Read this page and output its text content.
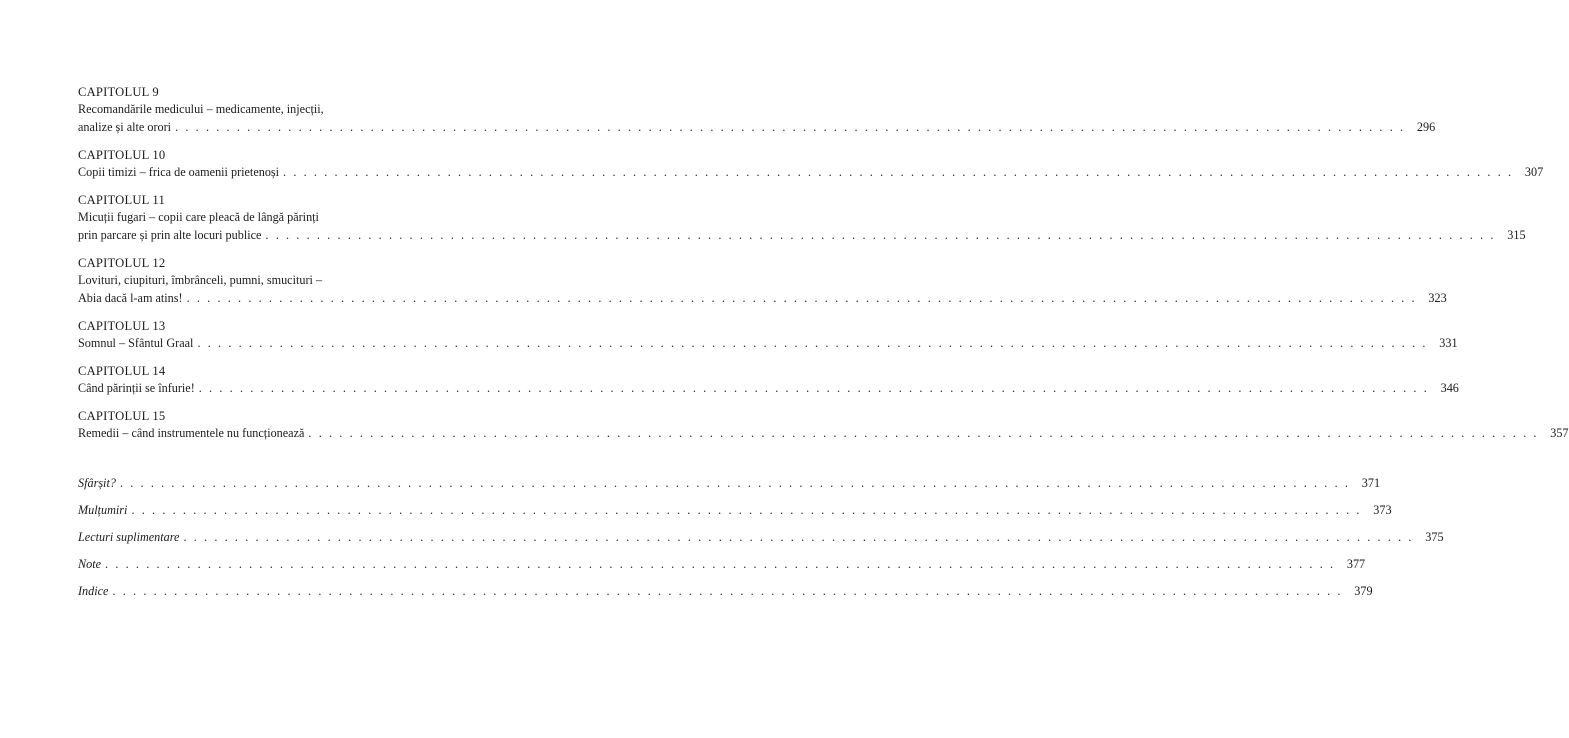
CAPITOLUL 9
Recomandările medicului – medicamente, injecții,
analize și alte orori . . . . . . . . . . . . . . . . . . . . . . . . . . . . . . . . . . . . . . . . . . . . . . . . . . . . . . . . . . . . . . . . . . . . . . . . . . . . . . . . . . . . . . . . . . . . . . . . . . . . . . . . . . . . . . . . . . . . . . . . 296
CAPITOLUL 10
Copii timizi – frica de oamenii prietenoși . . . . . . . . . . . . . . . . . . . . . . . . . . . . . . . . . . . . . . . . . . . . . . . . . . . . . . . . . . . . . . . . . . . . . . . . . . . . . . . . . . . . . . . . . . . . . . . . . . . . . . . . . . . . . . . . . . . . . . . . 307
CAPITOLUL 11
Micuții fugari – copii care pleacă de lângă părinți
prin parcare și prin alte locuri publice . . . . . . . . . . . . . . . . . . . . . . . . . . . . . . . . . . . . . . . . . . . . . . . . . . . . . . . . . . . . . . . . . . . . . . . . . . . . . . . . . . . . . . . . . . . . . . . . . . . . . . . . . . . . . . . . . . . . . . . . 315
CAPITOLUL 12
Lovituri, ciupituri, îmbrânceli, pumni, smucituri –
Abia dacă l-am atins! . . . . . . . . . . . . . . . . . . . . . . . . . . . . . . . . . . . . . . . . . . . . . . . . . . . . . . . . . . . . . . . . . . . . . . . . . . . . . . . . . . . . . . . . . . . . . . . . . . . . . . . . . . . . . . . . . . . . . . . . 323
CAPITOLUL 13
Somnul – Sfântul Graal . . . . . . . . . . . . . . . . . . . . . . . . . . . . . . . . . . . . . . . . . . . . . . . . . . . . . . . . . . . . . . . . . . . . . . . . . . . . . . . . . . . . . . . . . . . . . . . . . . . . . . . . . . . . . . . . . . . . . . . . 331
CAPITOLUL 14
Când părinții se înfurie! . . . . . . . . . . . . . . . . . . . . . . . . . . . . . . . . . . . . . . . . . . . . . . . . . . . . . . . . . . . . . . . . . . . . . . . . . . . . . . . . . . . . . . . . . . . . . . . . . . . . . . . . . . . . . . . . . . . . . . . . 346
CAPITOLUL 15
Remedii – când instrumentele nu funcționează . . . . . . . . . . . . . . . . . . . . . . . . . . . . . . . . . . . . . . . . . . . . . . . . . . . . . . . . . . . . . . . . . . . . . . . . . . . . . . . . . . . . . . . . . . . . . . . . . . . . . . . . . . . . . . . . . . . . . . . . 357
Sfârșit? . . . . . . . . . . . . . . . . . . . . . . . . . . . . . . . . . . . . . . . . . . . . . . . . . . . . . . . . . . . . . . . . . . . . . . . . . . . . . . . . . . . . . . . . . . . . . . . . . . . . . . . . . . . . . . . . . . . . . . . . 371
Mulțumiri . . . . . . . . . . . . . . . . . . . . . . . . . . . . . . . . . . . . . . . . . . . . . . . . . . . . . . . . . . . . . . . . . . . . . . . . . . . . . . . . . . . . . . . . . . . . . . . . . . . . . . . . . . . . . . . . . . . . . . . . 373
Lecturi suplimentare . . . . . . . . . . . . . . . . . . . . . . . . . . . . . . . . . . . . . . . . . . . . . . . . . . . . . . . . . . . . . . . . . . . . . . . . . . . . . . . . . . . . . . . . . . . . . . . . . . . . . . . . . . . . . . . . . . . . . . . . 375
Note . . . . . . . . . . . . . . . . . . . . . . . . . . . . . . . . . . . . . . . . . . . . . . . . . . . . . . . . . . . . . . . . . . . . . . . . . . . . . . . . . . . . . . . . . . . . . . . . . . . . . . . . . . . . . . . . . . . . . . . . 377
Indice . . . . . . . . . . . . . . . . . . . . . . . . . . . . . . . . . . . . . . . . . . . . . . . . . . . . . . . . . . . . . . . . . . . . . . . . . . . . . . . . . . . . . . . . . . . . . . . . . . . . . . . . . . . . . . . . . . . . . . . . 379
